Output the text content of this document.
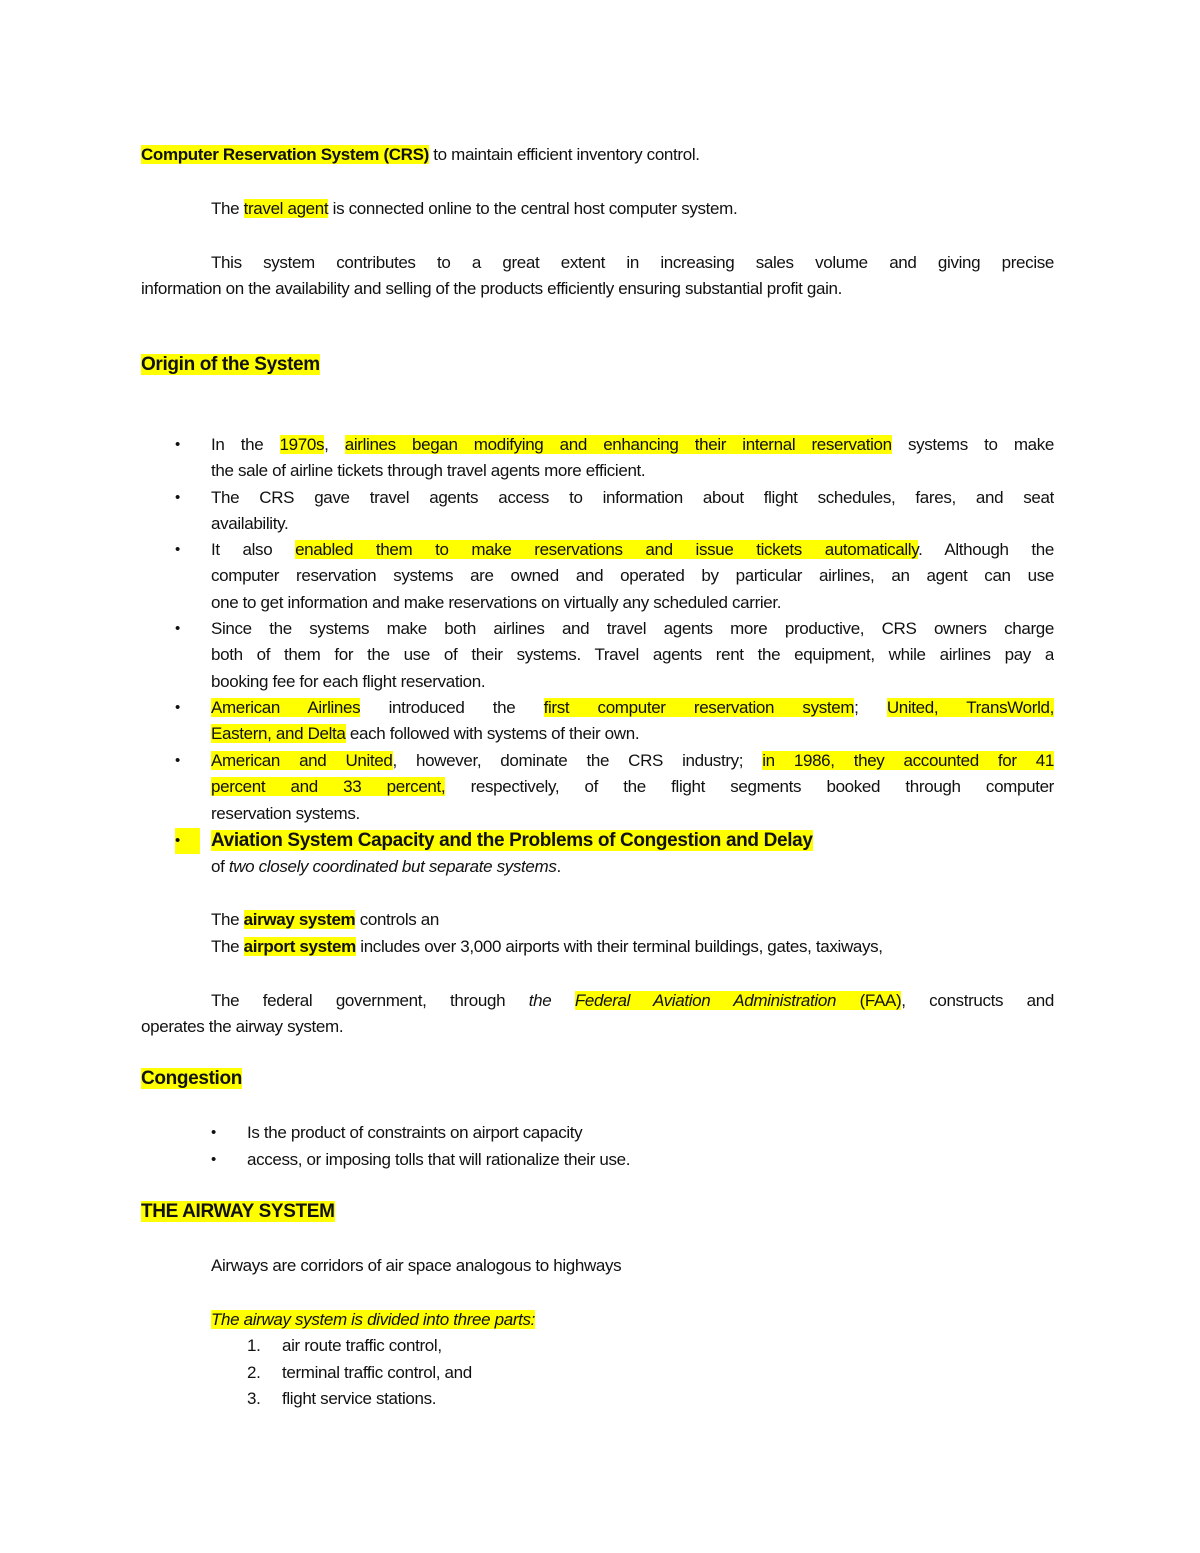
Computer Reservation System (CRS) to maintain efficient inventory control.
The travel agent is connected online to the central host computer system.
This system contributes to a great extent in increasing sales volume and giving precise
information on the availability and selling of the products efficiently ensuring substantial profit gain.
Origin of the System
• In the 1970s, airlines began modifying and enhancing their internal reservation systems to make
the sale of airline tickets through travel agents more efficient.
• The CRS gave travel agents access to information about flight schedules, fares, and seat
availability.
• It also enabled them to make reservations and issue tickets automatically. Although the
computer reservation systems are owned and operated by particular airlines, an agent can use
one to get information and make reservations on virtually any scheduled carrier.
• Since the systems make both airlines and travel agents more productive, CRS owners charge
both of them for the use of their systems. Travel agents rent the equipment, while airlines pay a
booking fee for each flight reservation.
• American Airlines introduced the first computer reservation system; United, TransWorld,
Eastern, and Delta each followed with systems of their own.
• American and United, however, dominate the CRS industry; in 1986, they accounted for 41
percent and 33 percent, respectively, of the flight segments booked through computer
reservation systems.
•	Aviation System Capacity and the Problems of Congestion and Delay
of two closely coordinated but separate systems.
The airway system controls an
The airport system includes over 3,000 airports with their terminal buildings, gates, taxiways,
The federal government, through the Federal Aviation Administration (FAA), constructs and
operates the airway system.
Congestion
• Is the product of constraints on airport capacity
• access, or imposing tolls that will rationalize their use.
THE AIRWAY SYSTEM
Airways are corridors of air space analogous to highways
The airway system is divided into three parts:
1. air route traffic control,
2. terminal traffic control, and
3. flight service stations.
